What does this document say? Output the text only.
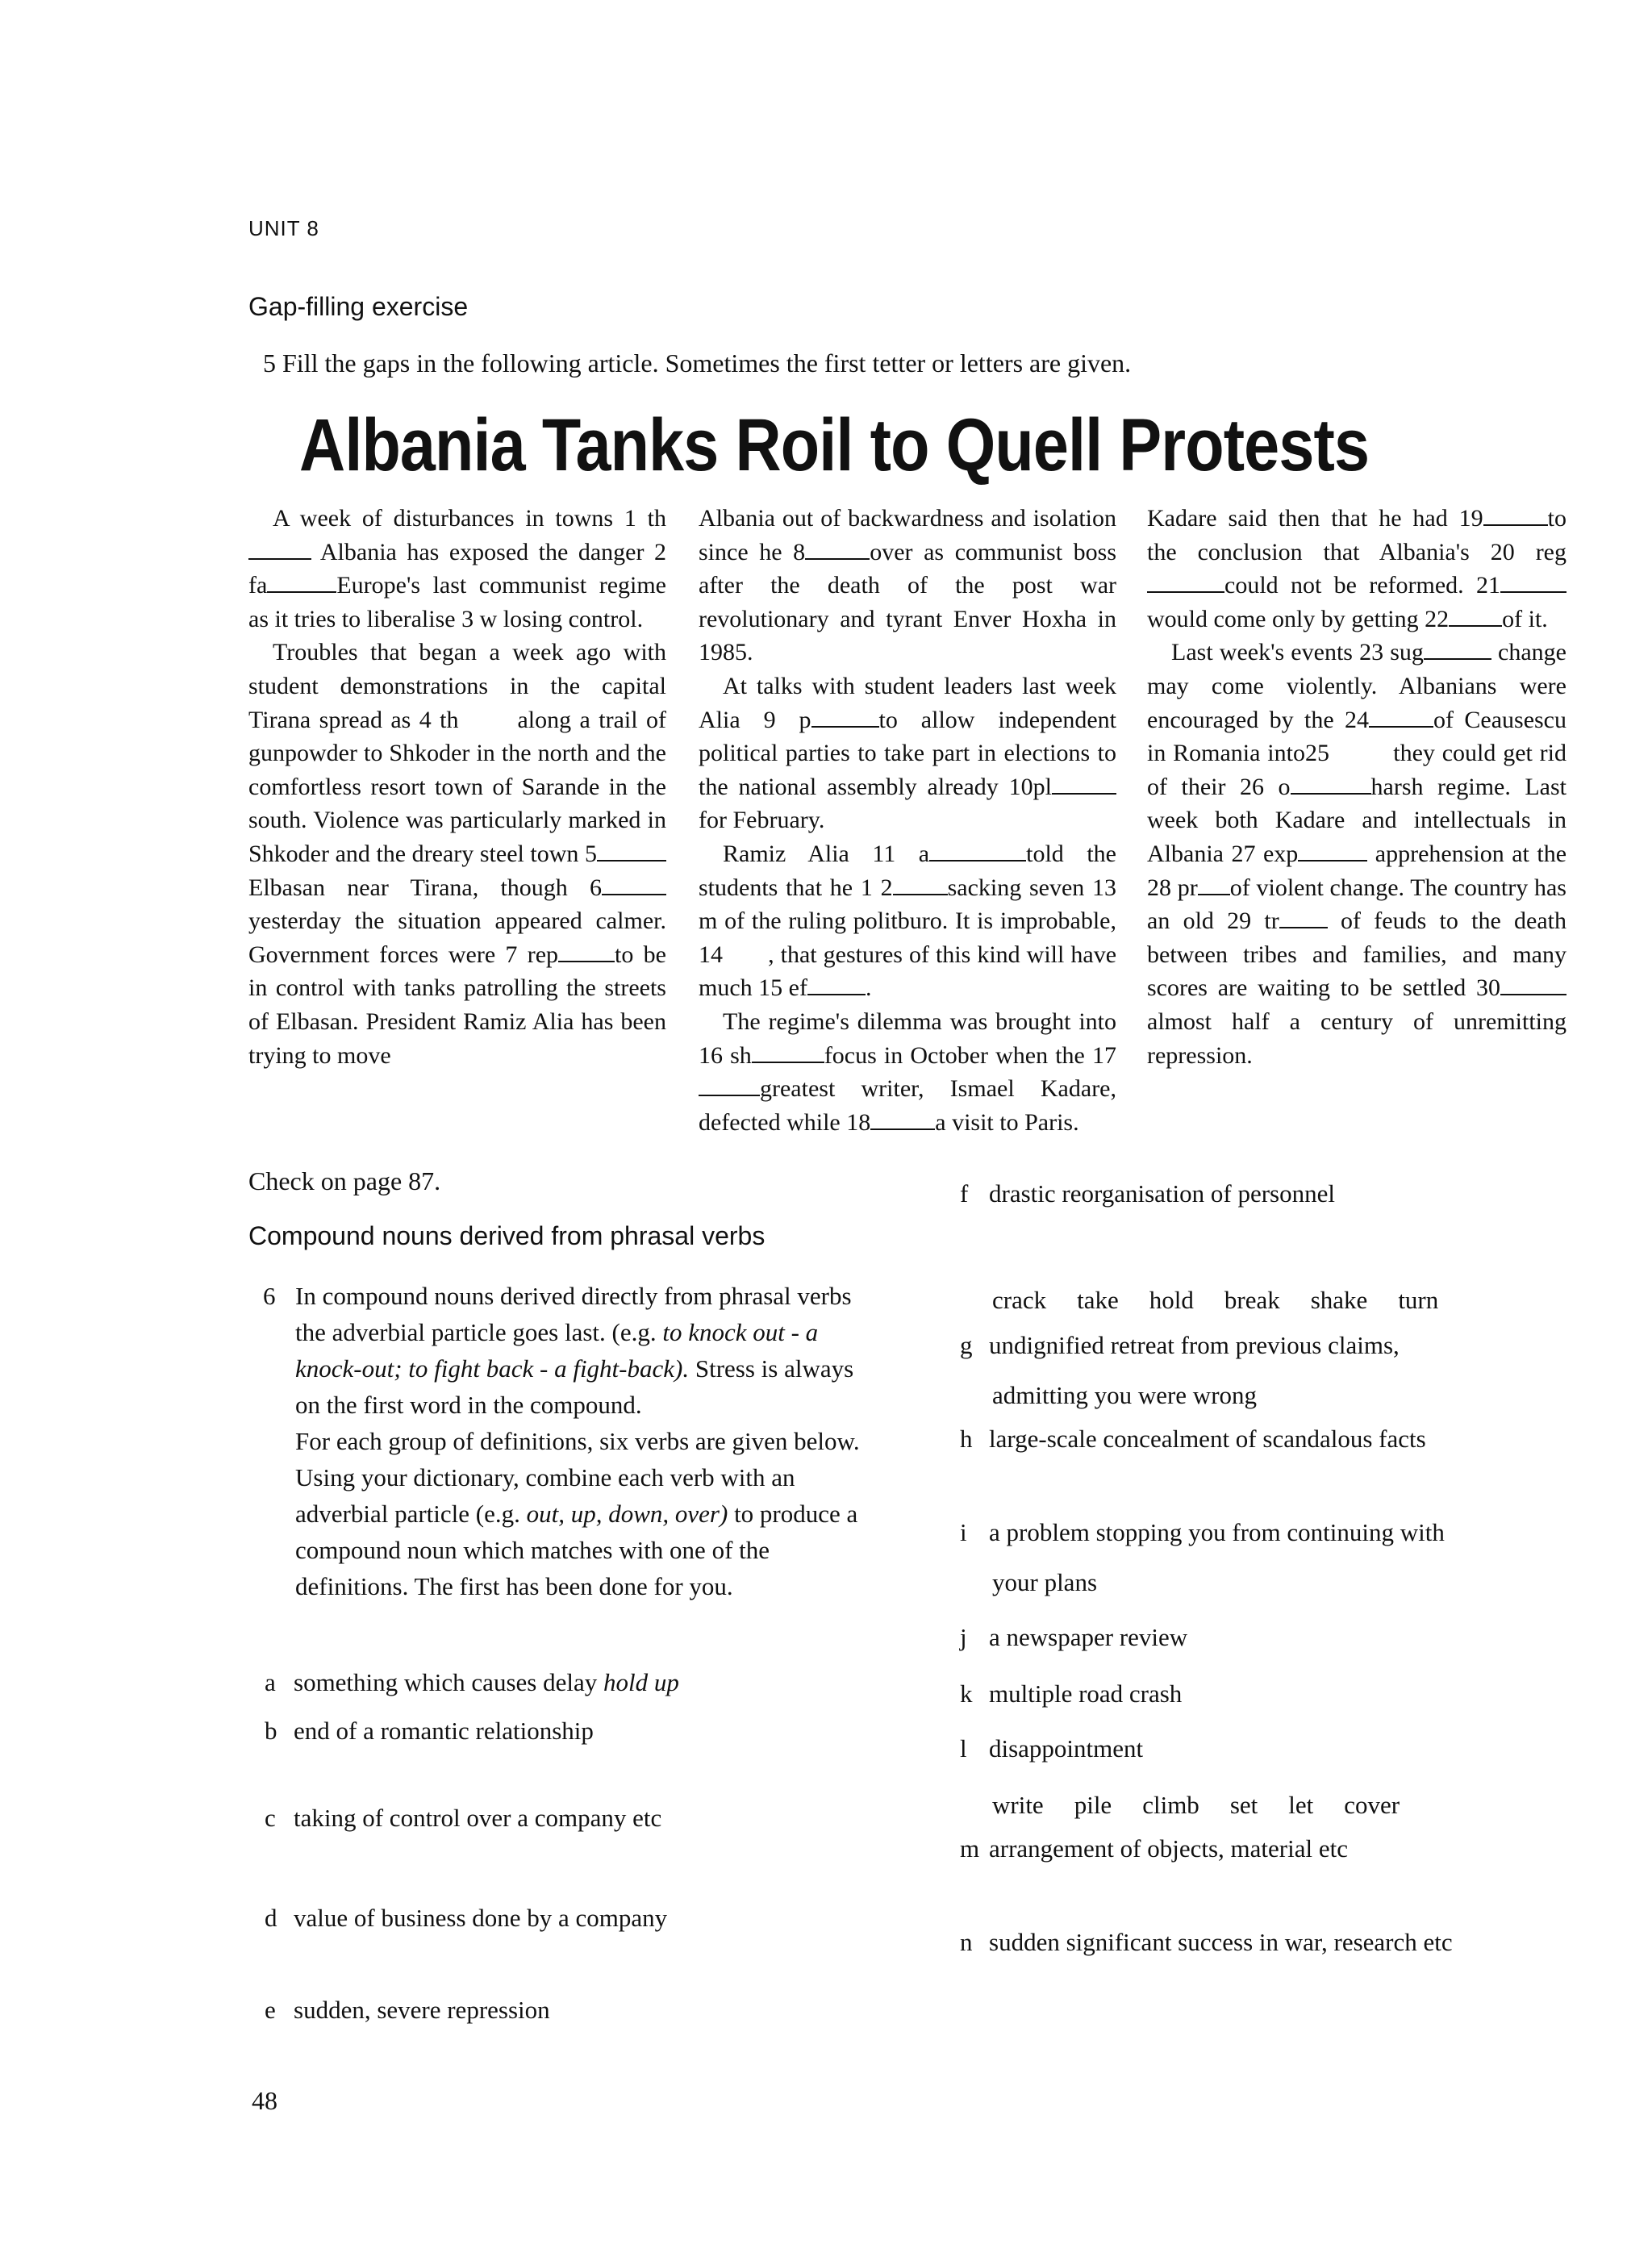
UNIT 8
Gap-filling exercise
5 Fill the gaps in the following article. Sometimes the first tetter or letters are given.
Albania Tanks Roil to Quell Protests

A week of disturbances in towns 1 th Albania has exposed the danger 2 fa	Europe's last communist regime as it tries to liberalise 3 w losing control.

Troubles that began a week ago with student demonstrations in the capital Tirana spread as 4 th along a trail of gunpowder to Shkoder in the north and the comfortless resort town of Sarande in the south. Violence was particularly marked in Shkoder and the dreary steel town 5Elbasan near Tirana, though 6yesterday the situation appeared calmer. Government forces were 7 rep to be in control with tanks patrolling the streets of Elbasan. President Ramiz Alia has been trying to move

Albania out of backwardness and isolation since he 8	over as communist boss after the death of the post war revolutionary and tyrant Enver Hoxha in 1985.

At talks with student leaders last week Alia 9 p	to allow independent political parties to take part in elections to the national assembly already 10pl for February.

Ramiz Alia 11 a	told the students that he 1 2 sacking seven 13 m of the ruling politburo. It is improbable, 14 , that gestures of this kind will have much 15 ef .

The regime's dilemma was brought into 16 sh	focus in October when the 17greatest writer, Ismael Kadare, defected while 18	a visit to Paris.

Kadare said then that he had 19	to the conclusion that Albania's 20 regcould not be reformed. 21would come only by getting 22 of it.

Last week's events 23 sug	change may come violently. Albanians were encouraged by the 24	of Ceausescu in Romania into25	they could get rid of their 26 o	harsh regime. Last week both Kadare and intellectuals in Albania 27 exp	apprehension at the 28 pr of violent change. The country has an old 29 tr	of feuds to the death between tribes and families, and many scores are waiting to be settled 30almost half a century of unremitting repression.

Check on page 87.
Compound nouns derived from phrasal verbs
6 In compound nouns derived directly from phrasal verbs the adverbial particle goes last. (e.g. to knock out - a knock-out; to fight back - a fight-back). Stress is always on the first word in the compound.
For each group of definitions, six verbs are given below. Using your dictionary, combine each verb with an adverbial particle (e.g. out, up, down, over) to produce a compound noun which matches with one of the definitions. The first has been done for you.
a something which causes delay hold up
b end of a romantic relationship
c taking of control over a company etc
d value of business done by a company
e sudden, severe repression
f drastic reorganisation of personnel
crack take hold break shake turn
g undignified retreat from previous claims,
admitting you were wrong
h large-scale concealment of scandalous facts
i a problem stopping you from continuing with
your plans
j a newspaper review
k multiple road crash
l disappointment
write pile climb set let cover
m arrangement of objects, material etc
n sudden significant success in war, research etc
48
